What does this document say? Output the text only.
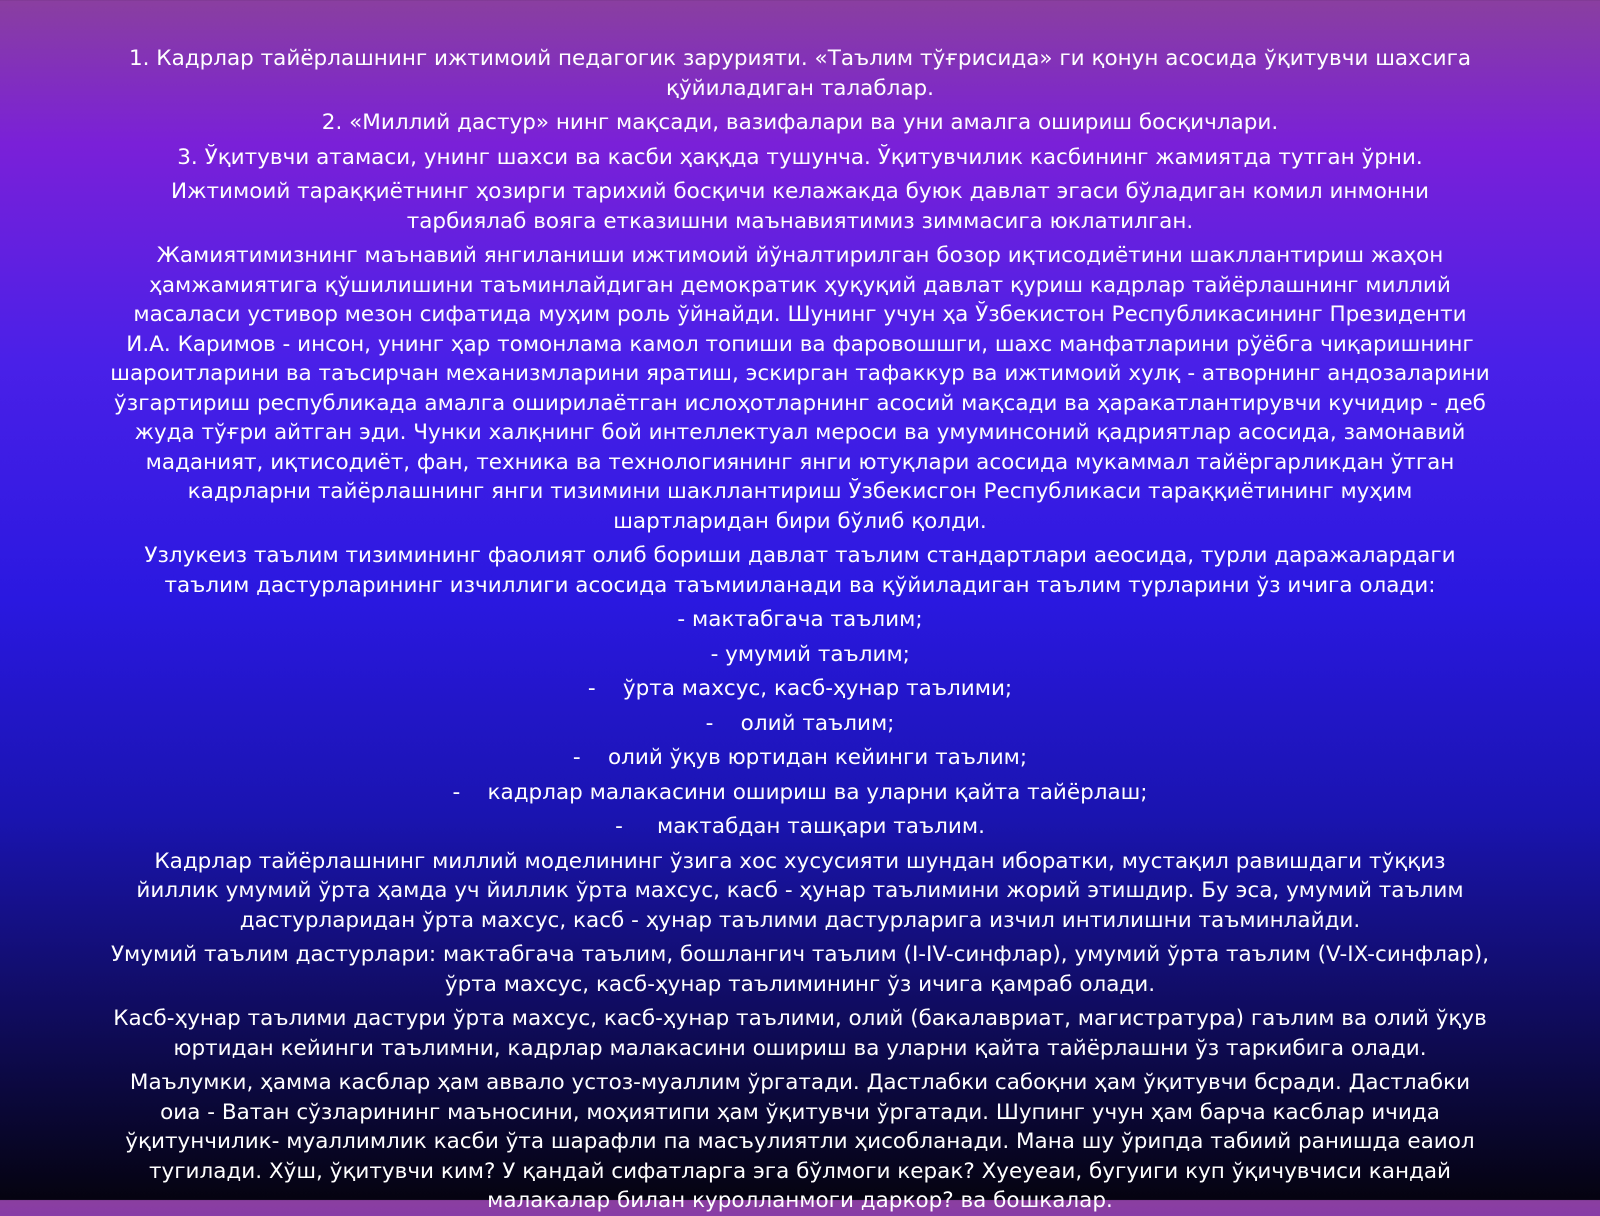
1. Кадрлар тайёрлашнинг ижтимоий педагогик зарурияти. «Таълим тўғрисида» ги қонун асосида ўқитувчи шахсига қўйиладиган талаблар.

2. «Миллий дастур» нинг мақсади, вазифалари ва уни амалга ошириш босқичлари.

3. Ўқитувчи атамаси, унинг шахси ва касби ҳаққда тушунча. Ўқитувчилик касбининг жамиятда тутган ўрни.

Ижтимоий тараққиётнинг ҳозирги тарихий босқичи келажакда буюк давлат эгаси бўладиган комил инмонни тарбиялаб вояга етказишни маънавиятимиз зиммасига юклатилган.

Жамиятимизнинг маънавий янгиланиши ижтимоий йўналтирилган бозор иқтисодиётини шакллантириш жаҳон ҳамжамиятига қўшилишини таъминлайдиган демократик ҳуқуқий давлат қуриш кадрлар тайёрлашнинг миллий масаласи устивор мезон сифатида муҳим роль ўйнайди. Шунинг учун ҳа Ўзбекистон Республикасининг Президенти И.А. Каримов - инсон, унинг ҳар томонлама камол топиши ва фаровошшги, шахс манфатларини рўёбга чиқаришнинг шароитларини ва таъсирчан механизмларини яратиш, эскирган тафаккур ва ижтимоий хулқ - атворнинг андозаларини ўзгартириш республикада амалга оширилаётган ислоҳотларнинг асосий мақсади ва ҳаракатлантирувчи кучидир - деб жуда тўғри айтган эди. Чунки халқнинг бой интеллектуал мероси ва умуминсоний қадриятлар асосида, замонавий маданият, иқтисодиёт, фан, техника ва технологиянинг янги ютуқлари асосида мукаммал тайёргарликдан ўтган кадрларни тайёрлашнинг янги тизимини шакллантириш Ўзбекисгон Республикаси тараққиётининг муҳим шартларидан бири бўлиб қолди.

Узлукеиз таълим тизимининг фаолият олиб бориши давлат таълим стандартлари аеосида, турли даражалардаги таълим дастурларининг изчиллиги асосида таъмииланади ва қўйиладиган таълим турларини ўз ичига олади:

- мактабгача таълим;

- умумий таълим;

-    ўрта махсус, касб-ҳунар таълими;

-    олий таълим;

-    олий ўқув юртидан кейинги таълим;

-    кадрлар малакасини ошириш ва уларни қайта тайёрлаш;

-     мактабдан ташқари таълим.

Кадрлар тайёрлашнинг миллий моделининг ўзига хос хусусияти шундан иборатки, мустақил равишдаги тўққиз йиллик умумий ўрта ҳамда уч йиллик ўрта махсус, касб - ҳунар таълимини жорий этишдир. Бу эса, умумий таълим дастурларидан ўрта махсус, касб - ҳунар таълими дастурларига изчил интилишни таъминлайди.

Умумий таълим дастурлари: мактабгача таълим, бошлангич таълим (I-IV-синфлар), умумий ўрта таълим (V-IX-синфлар), ўрта махсус, касб-ҳунар таълимининг ўз ичига қамраб олади.

Касб-ҳунар таълими дастури ўрта махсус, касб-ҳунар таълими, олий (бакалавриат, магистратура) гаълим ва олий ўқув юртидан кейинги таълимни, кадрлар малакасини ошириш ва уларни қайта тайёрлашни ўз таркибига олади.

Маълумки, ҳамма касблар ҳам аввало устоз-муаллим ўргатади. Дастлабки сабоқни ҳам ўқитувчи бсради. Дастлабки оиа - Ватан сўзларининг маъносини, моҳиятипи ҳам ўқитувчи ўргатади. Шупинг учун ҳам барча касблар ичида ўқитунчилик- муаллимлик касби ўта шарафли па масъулиятли ҳисобланади. Мана шу ўрипда табиий ранишда еаиол тугилади. Хўш, ўқитувчи ким? У қандай сифатларга эга бўлмоги керак? Хуеуеаи, бугуиги куп ўқичувчиси кандай малакалар билан куролланмоги даркор? ва бошкалар.
